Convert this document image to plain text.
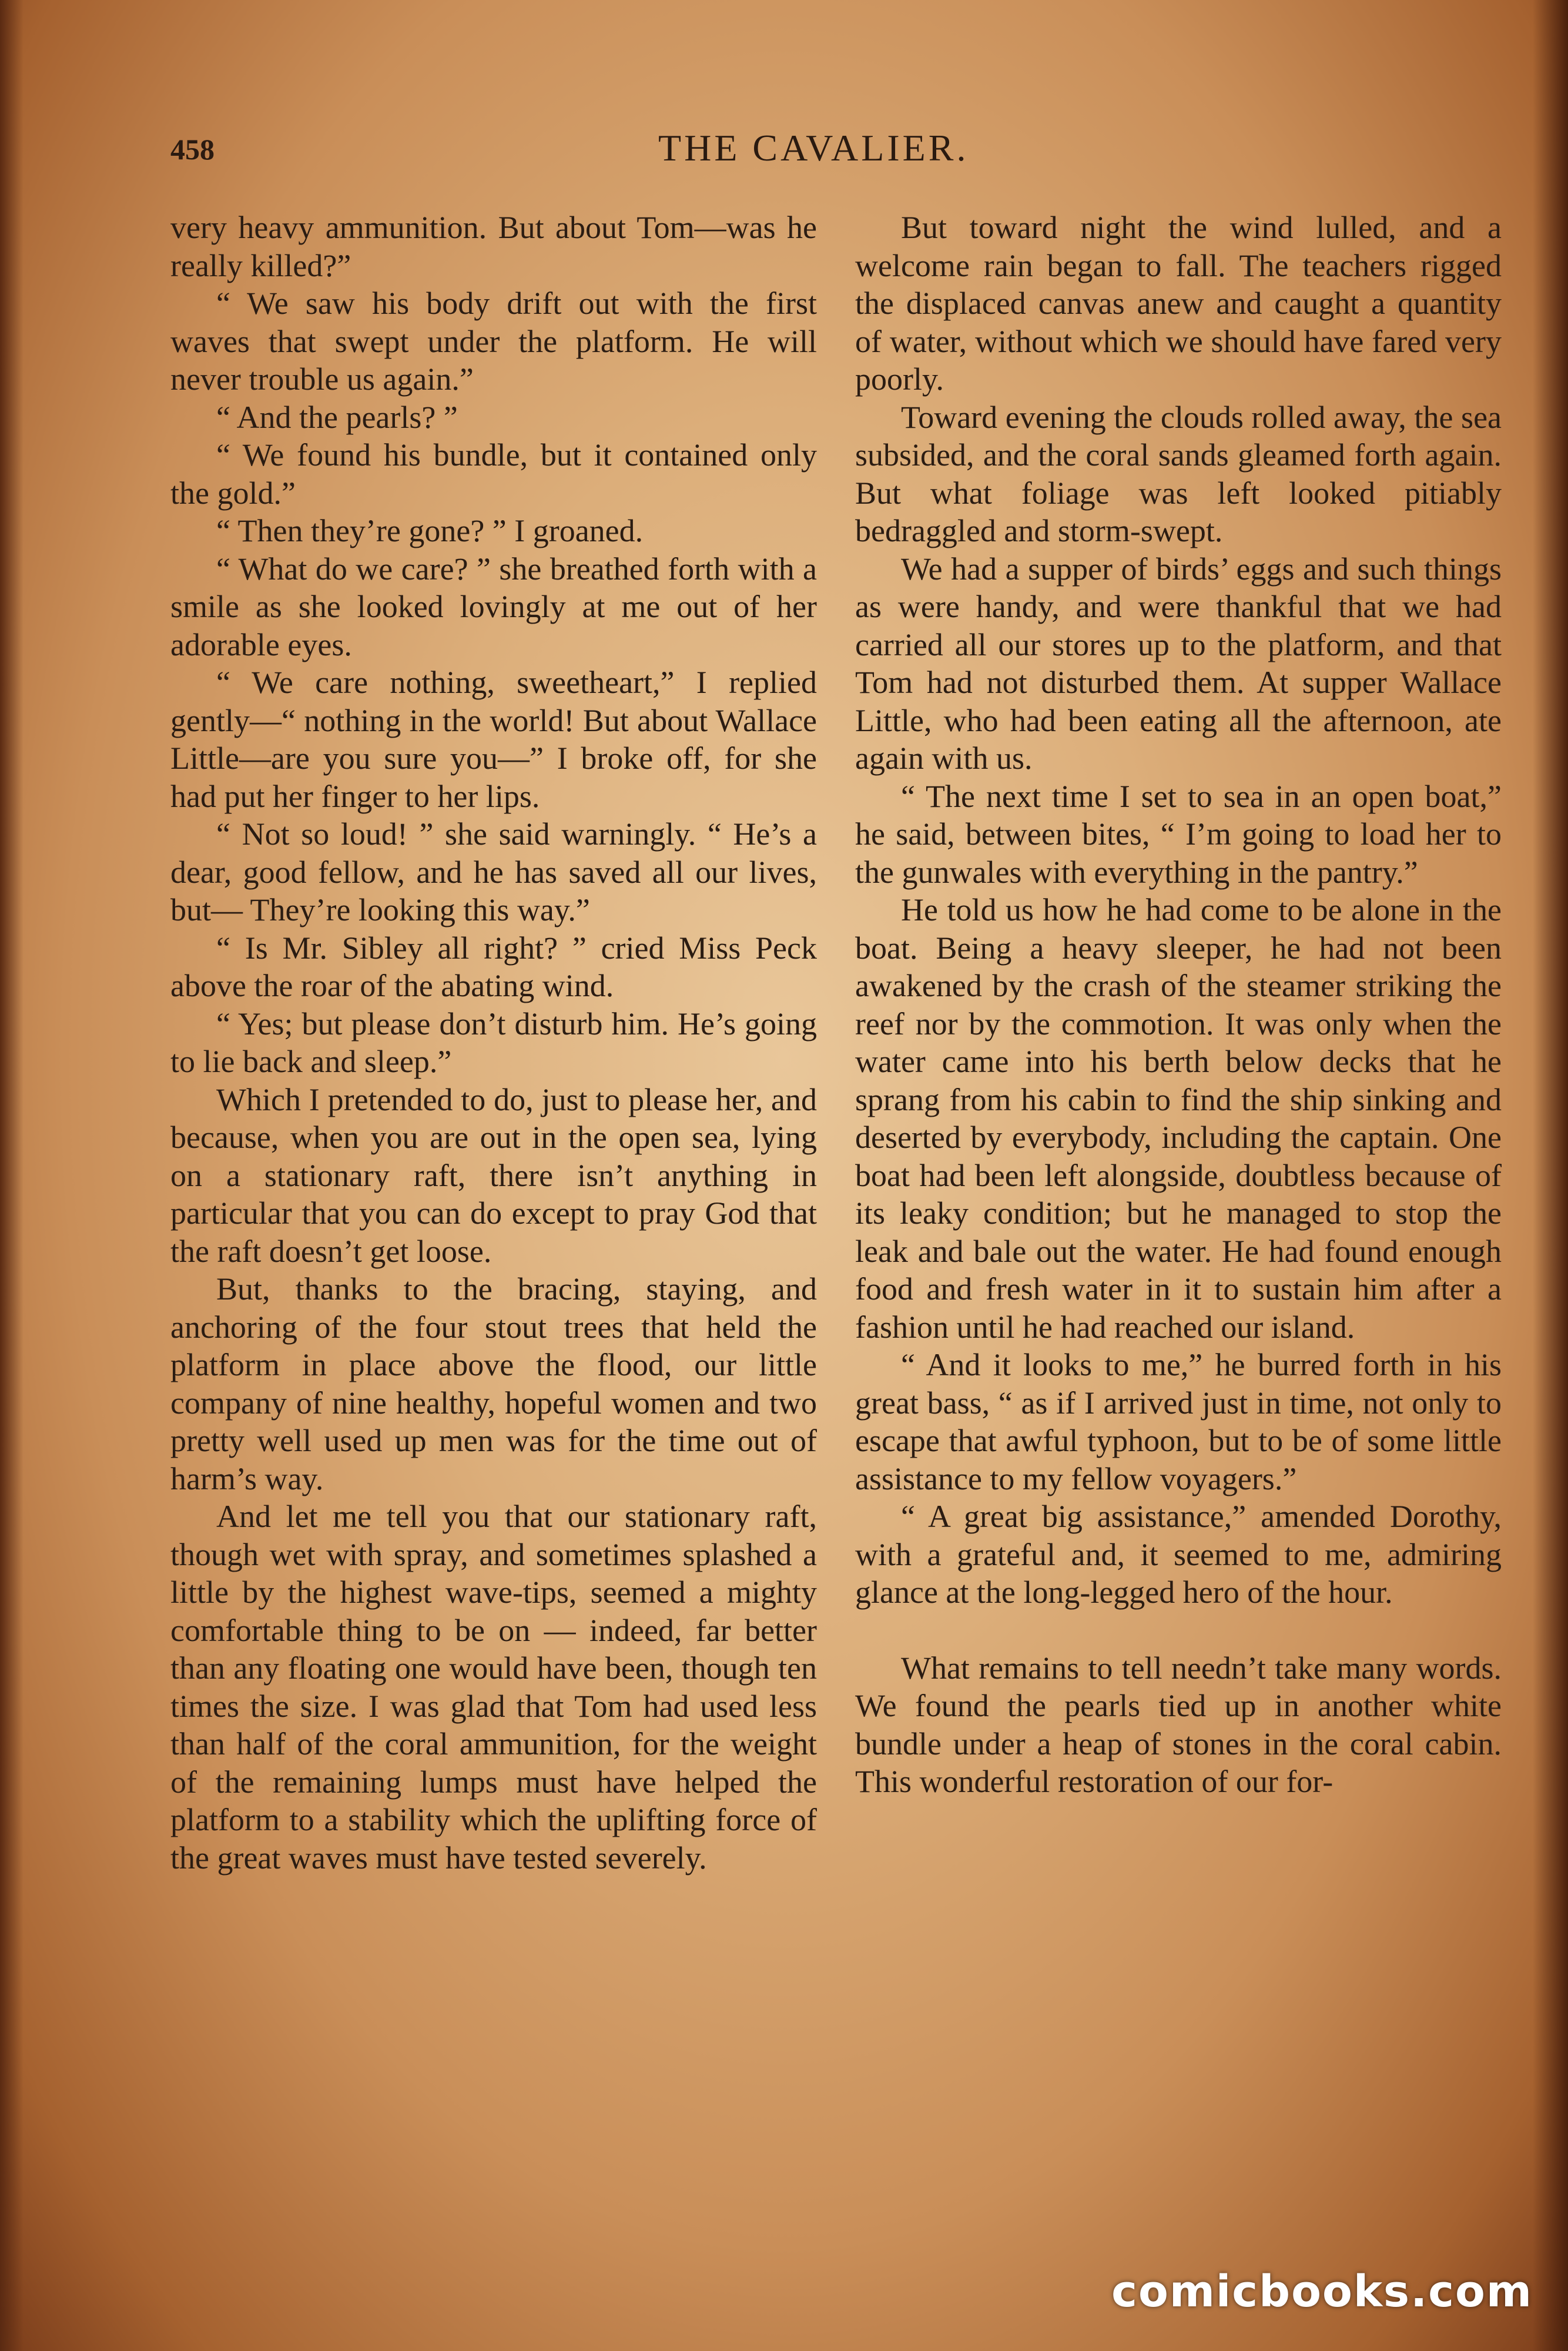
458	THE CAVALIER.

very heavy ammunition. But about Tom—was he really killed?”

“ We saw his body drift out with the first waves that swept under the platform. He will never trouble us again.”

“ And the pearls? ”

“ We found his bundle, but it contained only the gold.”

“ Then they’re gone? ” I groaned.

“ What do we care? ” she breathed forth with a smile as she looked lovingly at me out of her adorable eyes.

“ We care nothing, sweetheart,” I replied gently—“ nothing in the world! But about Wallace Little—are you sure you—” I broke off, for she had put her finger to her lips.

“ Not so loud! ” she said warningly. “ He’s a dear, good fellow, and he has saved all our lives, but— They’re looking this way.”

“ Is Mr. Sibley all right? ” cried Miss Peck above the roar of the abating wind.

“ Yes; but please don’t disturb him. He’s going to lie back and sleep.”

Which I pretended to do, just to please her, and because, when you are out in the open sea, lying on a stationary raft, there isn’t anything in particular that you can do except to pray God that the raft doesn’t get loose.

But, thanks to the bracing, staying, and anchoring of the four stout trees that held the platform in place above the flood, our little company of nine healthy, hopeful women and two pretty well used up men was for the time out of harm’s way.

And let me tell you that our stationary raft, though wet with spray, and sometimes splashed a little by the highest wave-tips, seemed a mighty comfortable thing to be on — indeed, far better than any floating one would have been, though ten times the size. I was glad that Tom had used less than half of the coral ammunition, for the weight of the remaining lumps must have helped the platform to a stability which the uplifting force of the great waves must have tested severely.

But toward night the wind lulled, and a welcome rain began to fall. The teachers rigged the displaced canvas anew and caught a quantity of water, without which we should have fared very poorly.

Toward evening the clouds rolled away, the sea subsided, and the coral sands gleamed forth again. But what foliage was left looked pitiably bedraggled and storm-swept.

We had a supper of birds’ eggs and such things as were handy, and were thankful that we had carried all our stores up to the platform, and that Tom had not disturbed them. At supper Wallace Little, who had been eating all the afternoon, ate again with us.

“ The next time I set to sea in an open boat,” he said, between bites, “ I’m going to load her to the gunwales with everything in the pantry.”

He told us how he had come to be alone in the boat. Being a heavy sleeper, he had not been awakened by the crash of the steamer striking the reef nor by the commotion. It was only when the water came into his berth below decks that he sprang from his cabin to find the ship sinking and deserted by everybody, including the captain. One boat had been left alongside, doubtless because of its leaky condition; but he managed to stop the leak and bale out the water. He had found enough food and fresh water in it to sustain him after a fashion until he had reached our island.

“ And it looks to me,” he burred forth in his great bass, “ as if I arrived just in time, not only to escape that awful typhoon, but to be of some little assistance to my fellow voyagers.”

“ A great big assistance,” amended Dorothy, with a grateful and, it seemed to me, admiring glance at the long-legged hero of the hour.

What remains to tell needn’t take many words. We found the pearls tied up in another white bundle under a heap of stones in the coral cabin. This wonderful restoration of our for-

comicbooks.com
